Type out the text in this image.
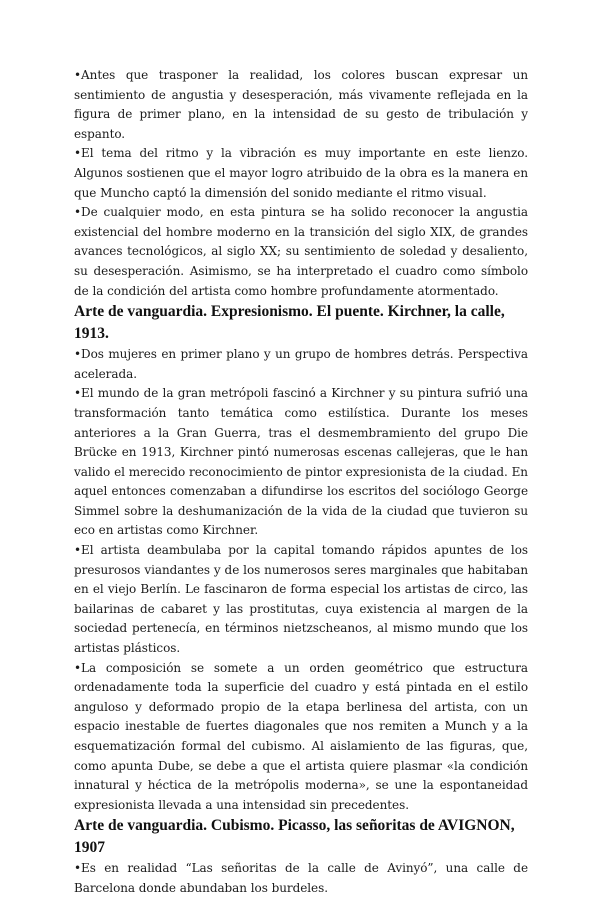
•Antes que trasponer la realidad, los colores buscan expresar un sentimiento de angustia y desesperación, más vivamente reflejada en la figura de primer plano, en la intensidad de su gesto de tribulación y espanto.

•El tema del ritmo y la vibración es muy importante en este lienzo. Algunos sostienen que el mayor logro atribuido de la obra es la manera en que Muncho captó la dimensión del sonido mediante el ritmo visual.

•De cualquier modo, en esta pintura se ha solido reconocer la angustia existencial del hombre moderno en la transición del siglo XIX, de grandes avances tecnológicos, al siglo XX; su sentimiento de soledad y desaliento, su desesperación. Asimismo, se ha interpretado el cuadro como símbolo de la condición del artista como hombre profundamente atormentado.

Arte de vanguardia. Expresionismo. El puente. Kirchner, la calle, 1913.

•Dos mujeres en primer plano y un grupo de hombres detrás. Perspectiva acelerada.

•El mundo de la gran metrópoli fascinó a Kirchner y su pintura sufrió una transformación tanto temática como estilística. Durante los meses anteriores a la Gran Guerra, tras el desmembramiento del grupo Die Brücke en 1913, Kirchner pintó numerosas escenas callejeras, que le han valido el merecido reconocimiento de pintor expresionista de la ciudad. En aquel entonces comenzaban a difundirse los escritos del sociólogo George Simmel sobre la deshumanización de la vida de la ciudad que tuvieron su eco en artistas como Kirchner.

•El artista deambulaba por la capital tomando rápidos apuntes de los presurosos viandantes y de los numerosos seres marginales que habitaban en el viejo Berlín. Le fascinaron de forma especial los artistas de circo, las bailarinas de cabaret y las prostitutas, cuya existencia al margen de la sociedad pertenecía, en términos nietzscheanos, al mismo mundo que los artistas plásticos.

•La composición se somete a un orden geométrico que estructura ordenadamente toda la superficie del cuadro y está pintada en el estilo anguloso y deformado propio de la etapa berlinesa del artista, con un espacio inestable de fuertes diagonales que nos remiten a Munch y a la esquematización formal del cubismo. Al aislamiento de las figuras, que, como apunta Dube, se debe a que el artista quiere plasmar «la condición innatural y héctica de la metrópolis moderna», se une la espontaneidad expresionista llevada a una intensidad sin precedentes.

Arte de vanguardia. Cubismo. Picasso, las señoritas de AVIGNON, 1907

•Es en realidad “Las señoritas de la calle de Avinyó”, una calle de Barcelona donde abundaban los burdeles.
